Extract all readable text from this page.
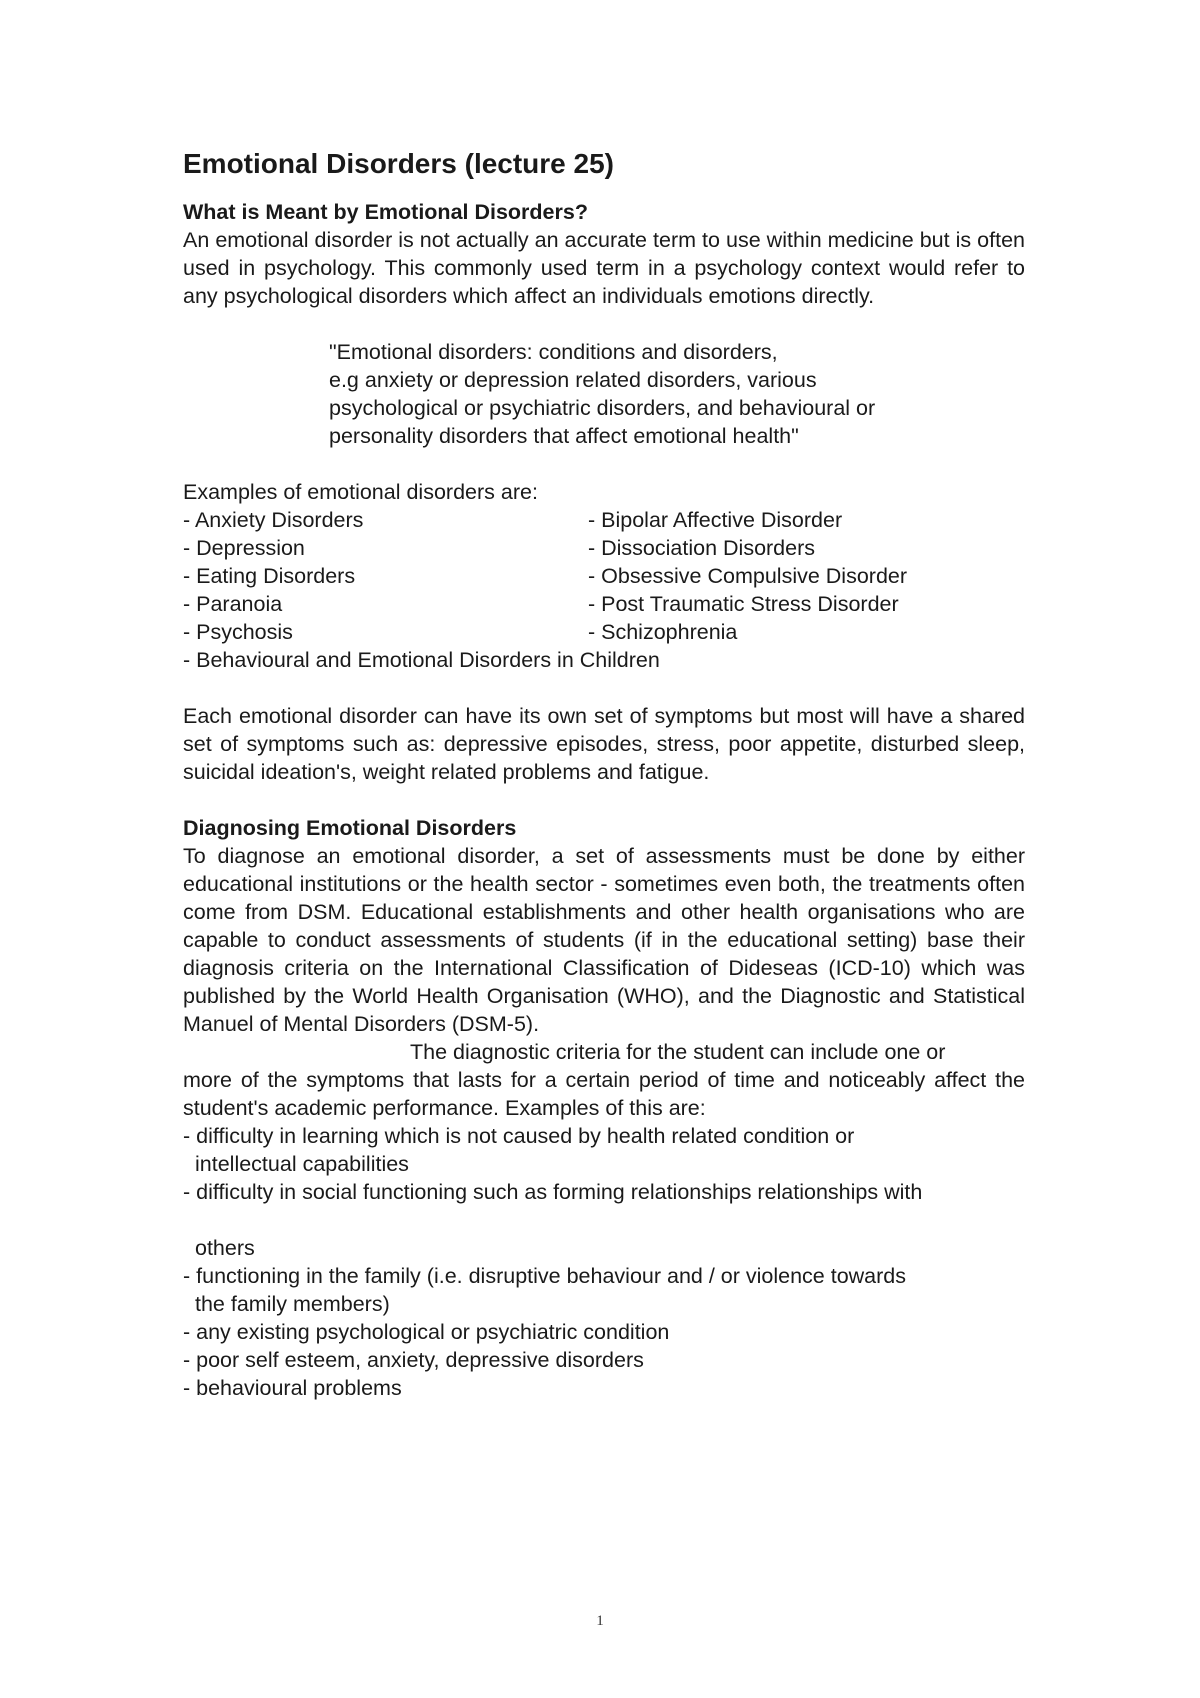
Emotional Disorders (lecture 25)

What is Meant by Emotional Disorders?

An emotional disorder is not actually an accurate term to use within medicine but is often used in psychology. This commonly used term in a psychology context would refer to any psychological disorders which affect an individuals emotions directly.

"Emotional disorders: conditions and disorders,
e.g anxiety or depression related disorders, various
psychological or psychiatric disorders, and behavioural or
personality disorders that affect emotional health"

Examples of emotional disorders are:

- Anxiety Disorders	- Bipolar Affective Disorder
- Depression	- Dissociation Disorders
- Eating Disorders	- Obsessive Compulsive Disorder
- Paranoia	- Post Traumatic Stress Disorder
- Psychosis	- Schizophrenia

- Behavioural and Emotional Disorders in Children

Each emotional disorder can have its own set of symptoms but most will have a shared set of symptoms such as: depressive episodes, stress, poor appetite, disturbed sleep, suicidal ideation's, weight related problems and fatigue.

Diagnosing Emotional Disorders

To diagnose an emotional disorder, a set of assessments must be done by either educational institutions or the health sector - sometimes even both, the treatments often come from DSM. Educational establishments and other health organisations who are capable to conduct assessments of students (if in the educational setting) base their diagnosis criteria on the International Classification of Dideseas (ICD-10) which was published by the World Health Organisation (WHO), and the Diagnostic and Statistical Manuel of Mental Disorders (DSM-5).

The diagnostic criteria for the student can include one or

more of the symptoms that lasts for a certain period of time and noticeably affect the student's academic performance. Examples of this are:

- difficulty in learning which is not caused by health related condition or

intellectual capabilities

- difficulty in social functioning such as forming relationships relationships with

others

- functioning in the family (i.e. disruptive behaviour and / or violence towards

the family members)

- any existing psychological or psychiatric condition

- poor self esteem, anxiety, depressive disorders

- behavioural problems

1
